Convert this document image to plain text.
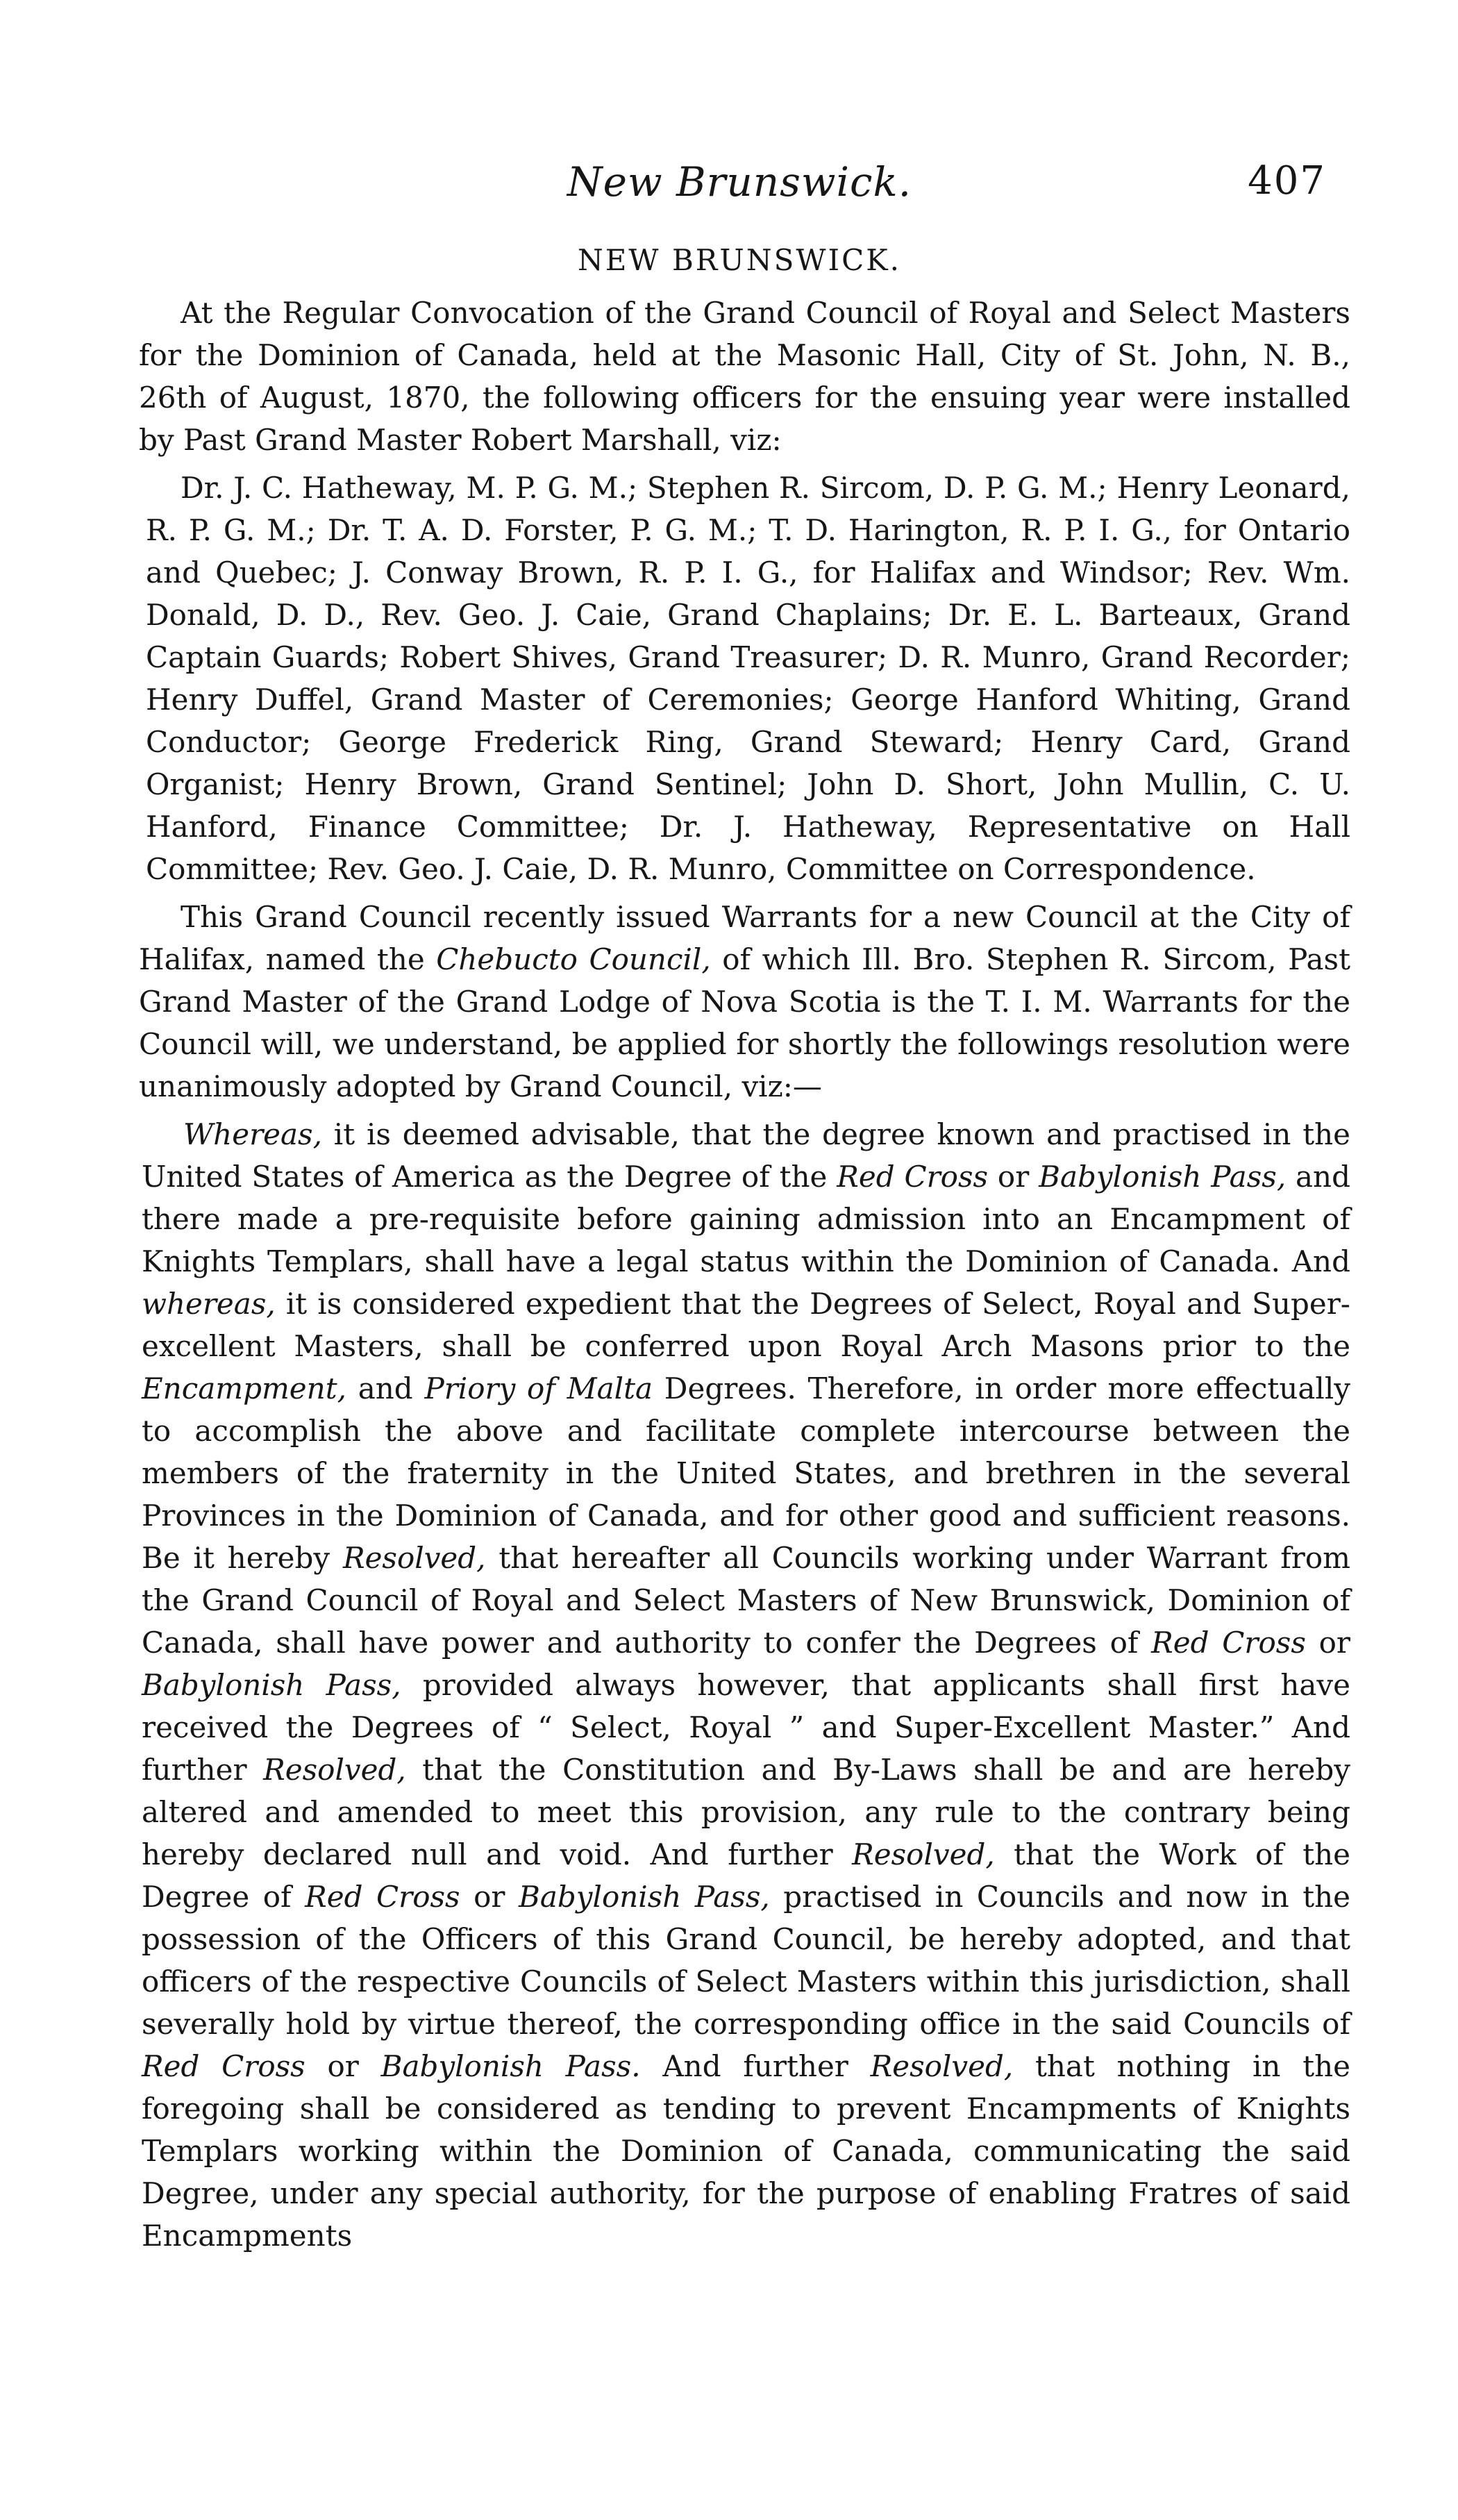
New Brunswick.	407
NEW BRUNSWICK.

At the Regular Convocation of the Grand Council of Royal and Select Masters for the Dominion of Canada, held at the Masonic Hall, City of St. John, N. B., 26th of August, 1870, the following officers for the ensuing year were installed by Past Grand Master Robert Marshall, viz:

Dr. J. C. Hatheway, M. P. G. M.; Stephen R. Sircom, D. P. G. M.; Henry Leonard, R. P. G. M.; Dr. T. A. D. Forster, P. G. M.; T. D. Harington, R. P. I. G., for Ontario and Quebec; J. Conway Brown, R. P. I. G., for Halifax and Windsor; Rev. Wm. Donald, D. D., Rev. Geo. J. Caie, Grand Chaplains; Dr. E. L. Barteaux, Grand Captain Guards; Robert Shives, Grand Treasurer; D. R. Munro, Grand Recorder; Henry Duffel, Grand Master of Ceremonies; George Hanford Whiting, Grand Conductor; George Frederick Ring, Grand Steward; Henry Card, Grand Organist; Henry Brown, Grand Sentinel; John D. Short, John Mullin, C. U. Hanford, Finance Committee; Dr. J. Hatheway, Representative on Hall Committee; Rev. Geo. J. Caie, D. R. Munro, Committee on Correspondence.

This Grand Council recently issued Warrants for a new Council at the City of Halifax, named the Chebucto Council, of which Ill. Bro. Stephen R. Sircom, Past Grand Master of the Grand Lodge of Nova Scotia is the T. I. M. Warrants for the Council will, we understand, be applied for shortly the followings resolution were unanimously adopted by Grand Council, viz:—

Whereas, it is deemed advisable, that the degree known and practised in the United States of America as the Degree of the Red Cross or Babylonish Pass, and there made a pre-requisite before gaining admission into an Encampment of Knights Templars, shall have a legal status within the Dominion of Canada. And whereas, it is considered expedient that the Degrees of Select, Royal and Super-excellent Masters, shall be conferred upon Royal Arch Masons prior to the Encampment, and Priory of Malta Degrees. Therefore, in order more effectually to accomplish the above and facilitate complete intercourse between the members of the fraternity in the United States, and brethren in the several Provinces in the Dominion of Canada, and for other good and sufficient reasons. Be it hereby Resolved, that hereafter all Councils working under Warrant from the Grand Council of Royal and Select Masters of New Brunswick, Dominion of Canada, shall have power and authority to confer the Degrees of Red Cross or Babylonish Pass, provided always however, that applicants shall first have received the Degrees of “ Select, Royal ” and Super-Excellent Master.” And further Resolved, that the Constitution and By-Laws shall be and are hereby altered and amended to meet this provision, any rule to the contrary being hereby declared null and void. And further Resolved, that the Work of the Degree of Red Cross or Babylonish Pass, practised in Councils and now in the possession of the Officers of this Grand Council, be hereby adopted, and that officers of the respective Councils of Select Masters within this jurisdiction, shall severally hold by virtue thereof, the corresponding office in the said Councils of Red Cross or Babylonish Pass. And further Resolved, that nothing in the foregoing shall be considered as tending to prevent Encampments of Knights Templars working within the Dominion of Canada, communicating the said Degree, under any special authority, for the purpose of enabling Fratres of said Encampments
